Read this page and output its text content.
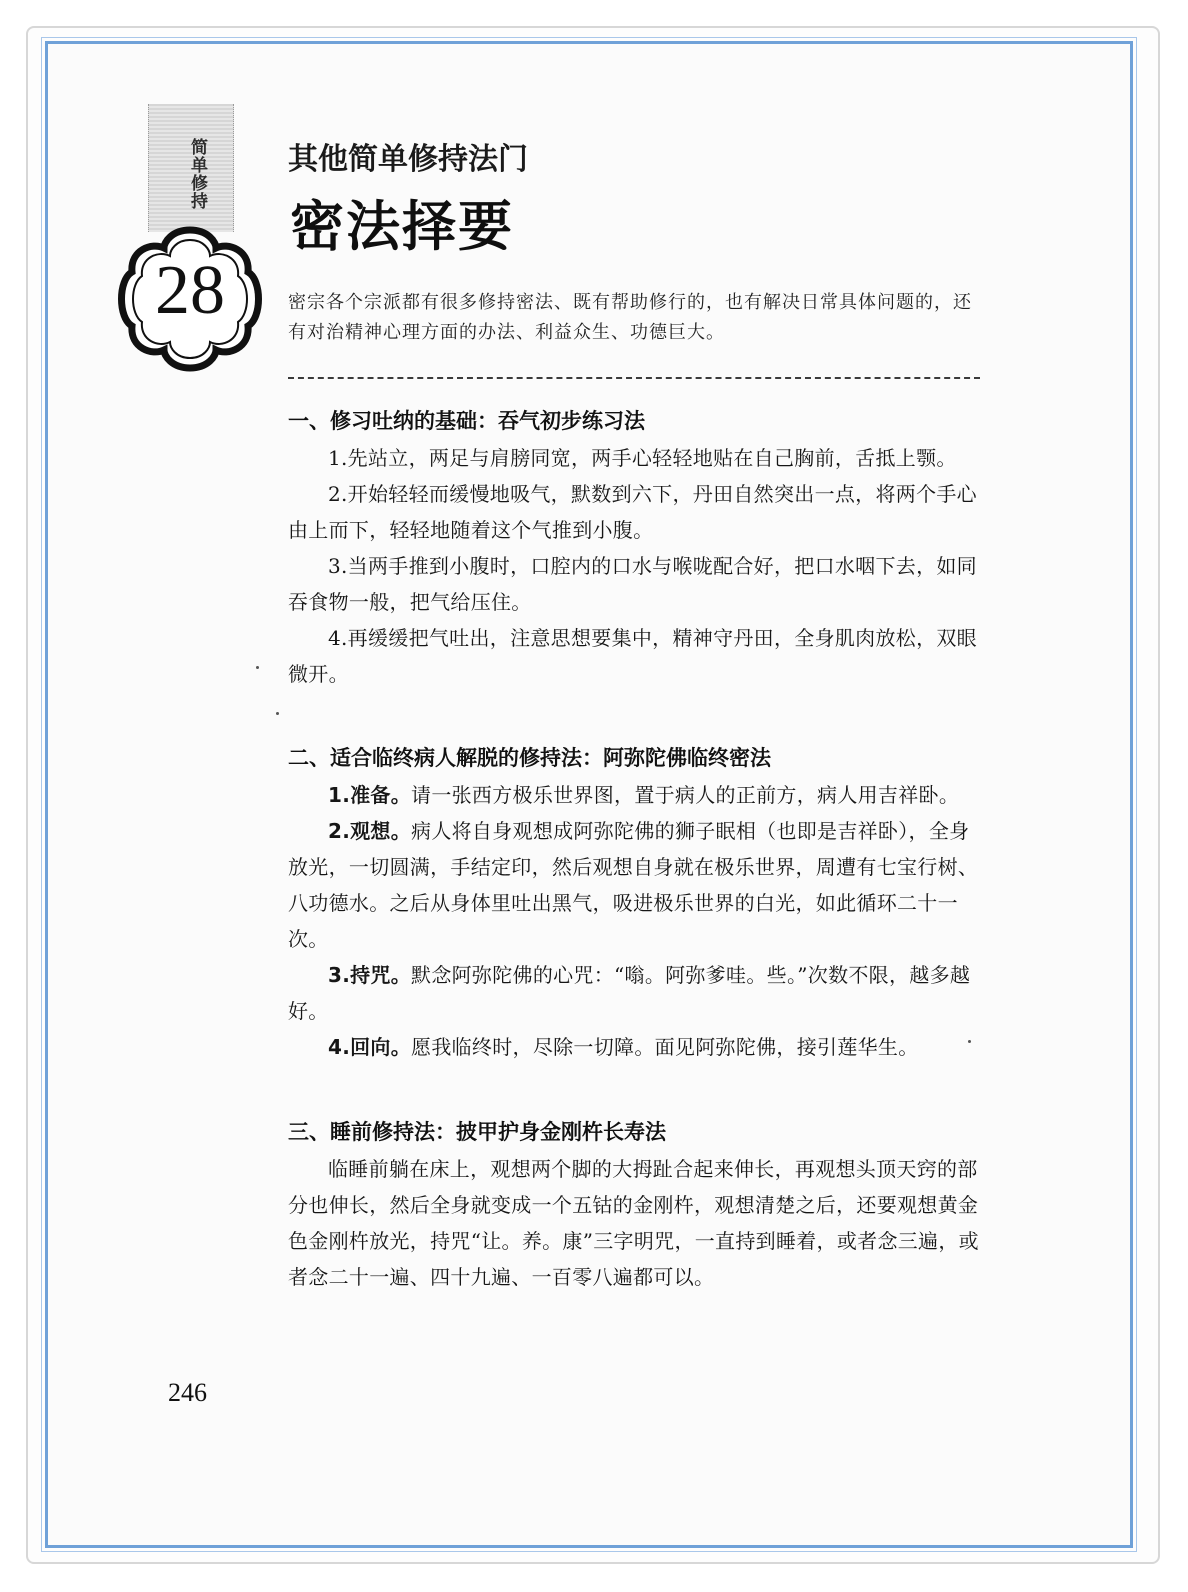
简单修持
28
其他简单修持法门
密法择要

密宗各个宗派都有很多修持密法、既有帮助修行的，也有解决日常具体问题的，还有对治精神心理方面的办法、利益众生、功德巨大。

一、修习吐纳的基础：吞气初步练习法

1.先站立，两足与肩膀同宽，两手心轻轻地贴在自己胸前，舌抵上颚。

2.开始轻轻而缓慢地吸气，默数到六下，丹田自然突出一点，将两个手心由上而下，轻轻地随着这个气推到小腹。

3.当两手推到小腹时，口腔内的口水与喉咙配合好，把口水咽下去，如同吞食物一般，把气给压住。

4.再缓缓把气吐出，注意思想要集中，精神守丹田，全身肌肉放松，双眼微开。

二、适合临终病人解脱的修持法：阿弥陀佛临终密法

1.准备。请一张西方极乐世界图，置于病人的正前方，病人用吉祥卧。

2.观想。病人将自身观想成阿弥陀佛的狮子眠相（也即是吉祥卧），全身放光，一切圆满，手结定印，然后观想自身就在极乐世界，周遭有七宝行树、八功德水。之后从身体里吐出黑气，吸进极乐世界的白光，如此循环二十一次。

3.持咒。默念阿弥陀佛的心咒：“嗡。阿弥爹哇。些。”次数不限，越多越好。

4.回向。愿我临终时，尽除一切障。面见阿弥陀佛，接引莲华生。

三、睡前修持法：披甲护身金刚杵长寿法

临睡前躺在床上，观想两个脚的大拇趾合起来伸长，再观想头顶天窍的部分也伸长，然后全身就变成一个五钴的金刚杵，观想清楚之后，还要观想黄金色金刚杵放光，持咒“让。养。康”三字明咒，一直持到睡着，或者念三遍，或者念二十一遍、四十九遍、一百零八遍都可以。

246
